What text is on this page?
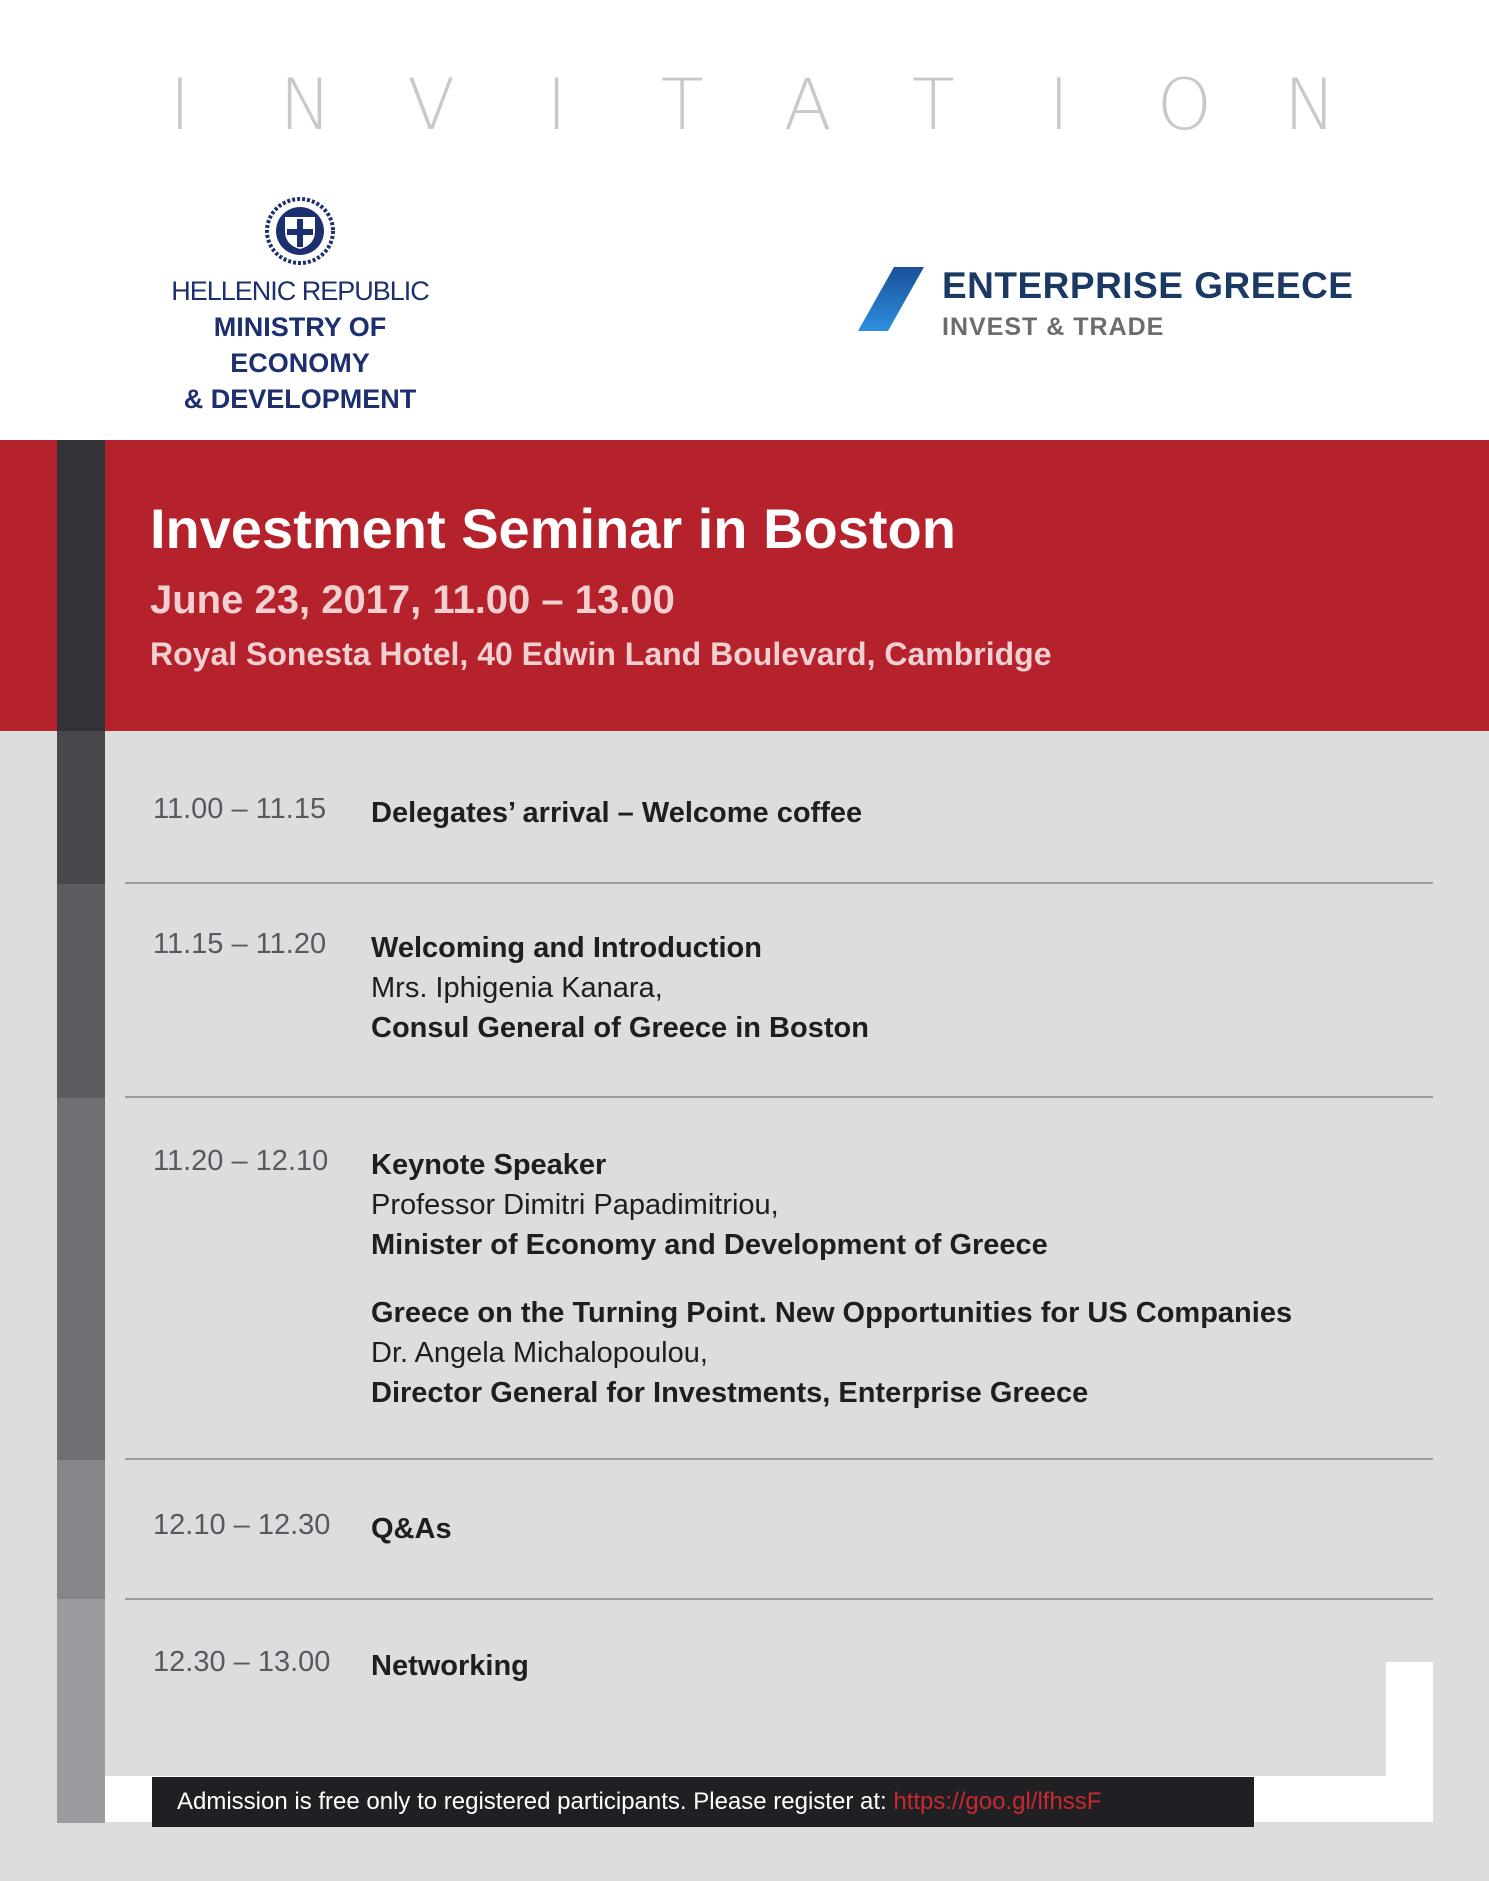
I N V I T A T I O N
HELLENIC REPUBLIC
MINISTRY OF ECONOMY
& DEVELOPMENT
ENTERPRISE GREECE
INVEST & TRADE
Investment Seminar in Boston
June 23, 2017, 11.00 – 13.00
Royal Sonesta Hotel, 40 Edwin Land Boulevard, Cambridge
11.00 – 11.15 Delegates’ arrival – Welcome coffee
11.15 – 11.20 Welcoming and Introduction
Mrs. Iphigenia Kanara,
Consul General of Greece in Boston
11.20 – 12.10 Keynote Speaker
Professor Dimitri Papadimitriou,
Minister of Economy and Development of Greece
Greece on the Turning Point. New Opportunities for US Companies
Dr. Angela Michalopoulou,
Director General for Investments, Enterprise Greece
12.10 – 12.30 Q&As
12.30 – 13.00 Networking
Admission is free only to registered participants. Please register at: https://goo.gl/lfhssF
